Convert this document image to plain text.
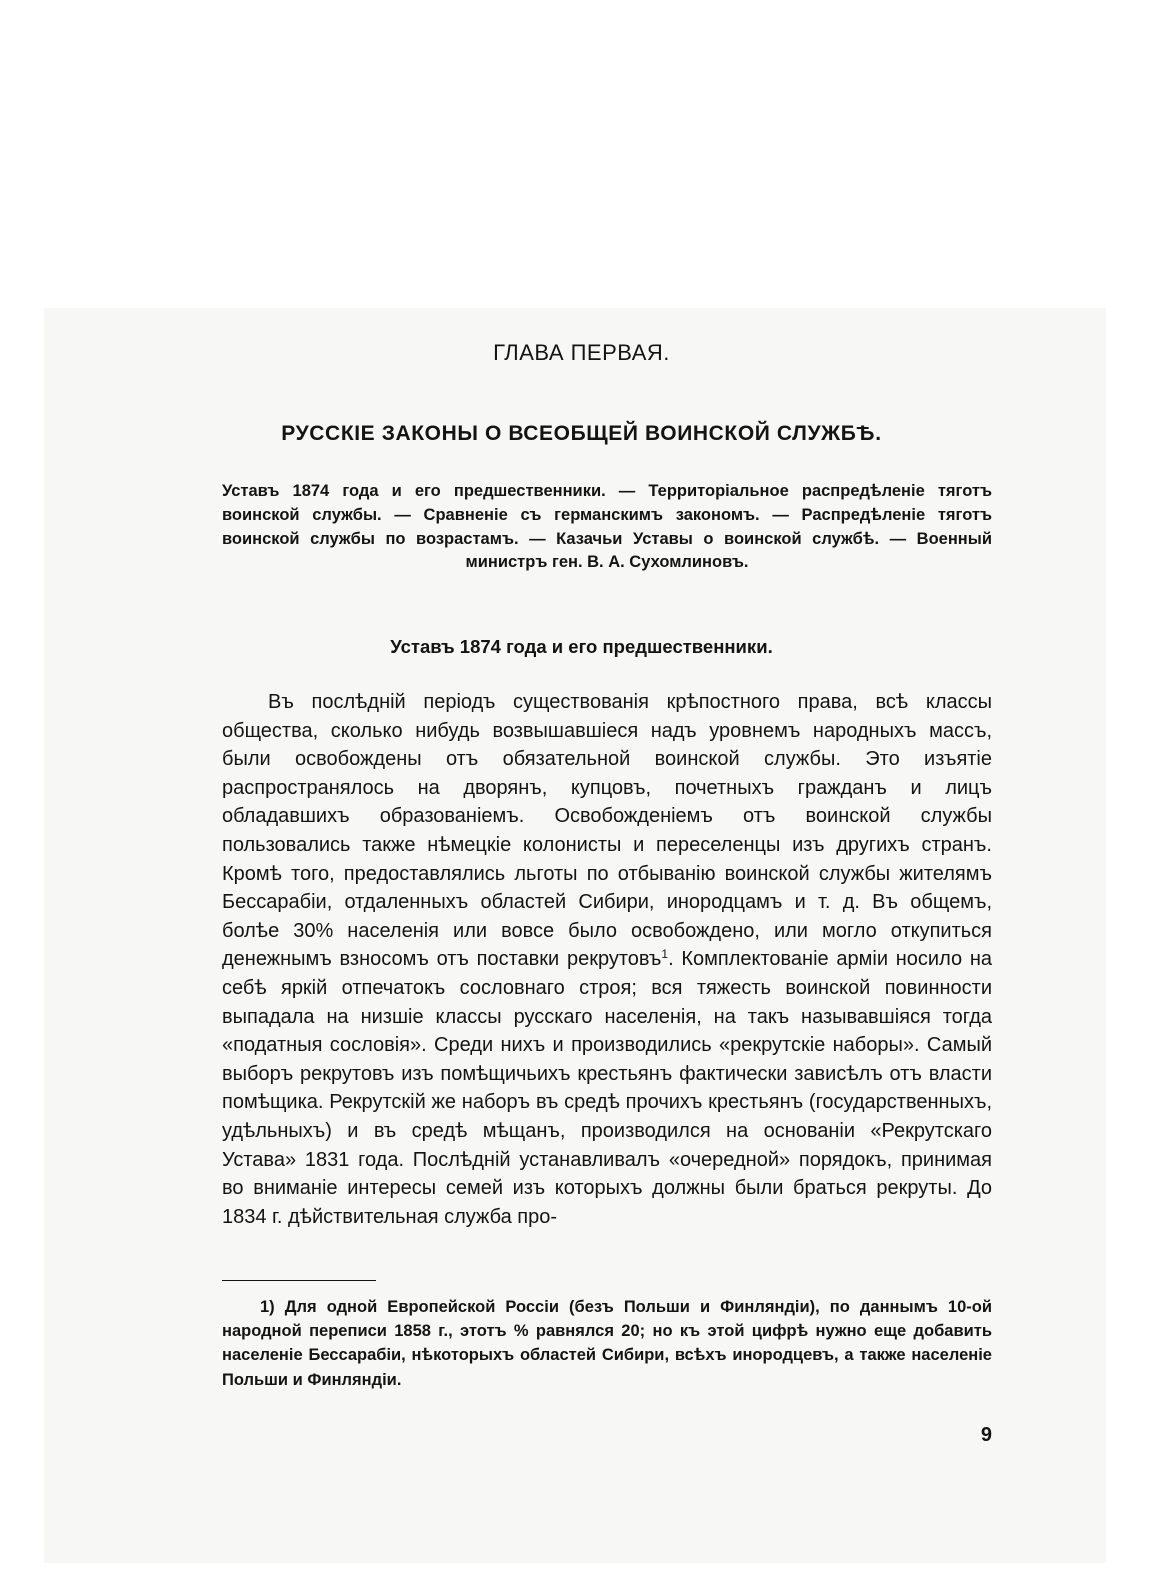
ГЛАВА ПЕРВАЯ.
РУССКIЕ ЗАКОНЫ О ВСЕОБЩЕЙ ВОИНСКОЙ СЛУЖБѢ.
Уставъ 1874 года и его предшественники. — Территорiальное распредѣленiе тяготъ воинской службы. — Сравненiе съ германскимъ закономъ. — Распредѣленiе тяготъ воинской службы по возрастамъ. — Казачьи Уставы о воинской службѣ. — Военный министръ ген. В. А. Сухомлиновъ.
Уставъ 1874 года и его предшественники.

Въ послѣднiй перiодъ существованiя крѣпостного права, всѣ классы общества, сколько нибудь возвышавшiеся надъ уровнемъ народныхъ массъ, были освобождены отъ обязательной воинской службы. Это изъятiе распространялось на дворянъ, купцовъ, почетныхъ гражданъ и лицъ обладавшихъ образованiемъ. Освобожденiемъ отъ воинской службы пользовались также нѣмецкiе колонисты и переселенцы изъ другихъ странъ. Кромѣ того, предоставлялись льготы по отбыванiю воинской службы жителямъ Бессарабiи, отдаленныхъ областей Сибири, инородцамъ и т. д. Въ общемъ, болѣе 30% населенiя или вовсе было освобождено, или могло откупиться денежнымъ взносомъ отъ поставки рекрутовъ$^1$. Комплектованiе армiи носило на себѣ яркiй отпечатокъ сословнаго строя; вся тяжесть воинской повинности выпадала на низшiе классы русскаго населенiя, на такъ называвшiяся тогда «податныя сословiя». Среди нихъ и производились «рекрутскiе наборы». Самый выборъ рекрутовъ изъ помѣщичьихъ крестьянъ фактически зависѣлъ отъ власти помѣщика. Рекрутскiй же наборъ въ средѣ прочихъ крестьянъ (государственныхъ, удѣльныхъ) и въ средѣ мѣщанъ, производился на основанiи «Рекрутскаго Устава» 1831 года. Послѣднiй устанавливалъ «очередной» порядокъ, принимая во вниманiе интересы семей изъ которыхъ должны были браться рекруты. До 1834 г. дѣйствительная служба про-

1) Для одной Европейской Россiи (безъ Польши и Финляндiи), по даннымъ 10-ой народной переписи 1858 г., этотъ % равнялся 20; но къ этой цифрѣ нужно еще добавить населенiе Бессарабiи, нѣкоторыхъ областей Сибири, всѣхъ инородцевъ, а также населенiе Польши и Финляндiи.

9
